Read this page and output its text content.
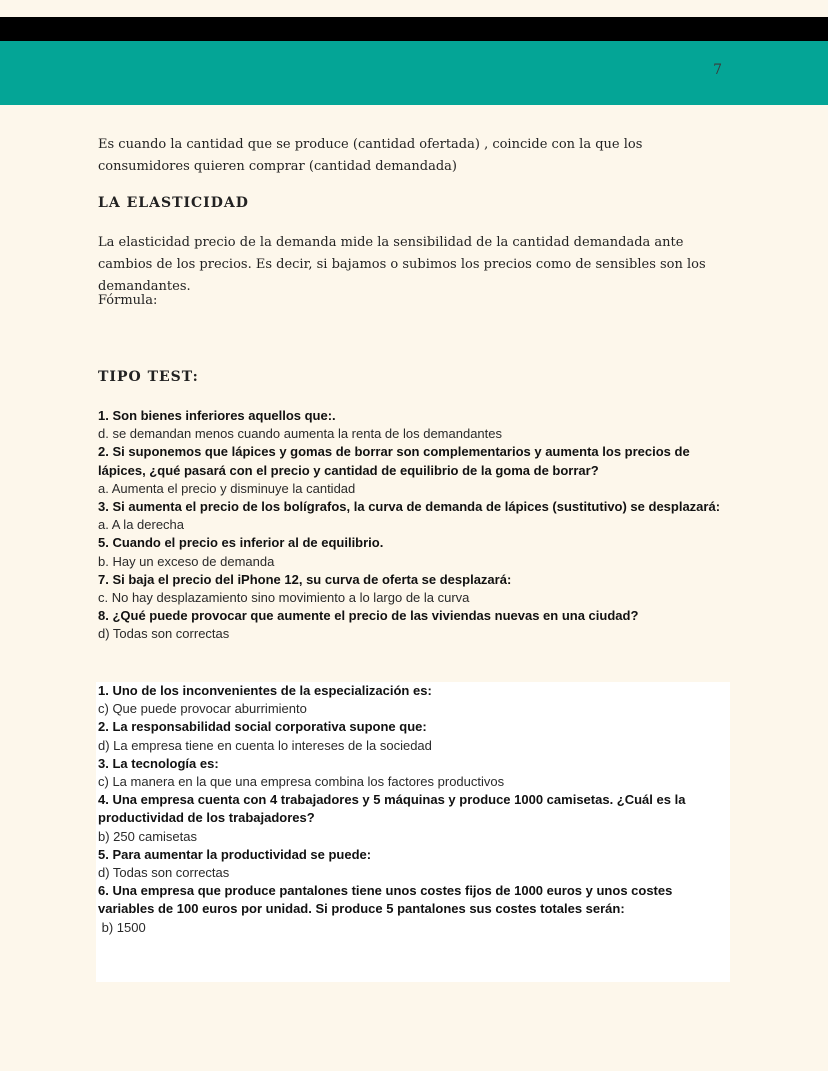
7

Es cuando la cantidad que se produce (cantidad ofertada) , coincide con la que los consumidores quieren comprar (cantidad demandada)

LA ELASTICIDAD

La elasticidad precio de la demanda mide la sensibilidad de la cantidad demandada ante cambios de los precios. Es decir, si bajamos o subimos los precios como de sensibles son los demandantes.

Fórmula:

TIPO TEST:
1. Son bienes inferiores aquellos que:.
d. se demandan menos cuando aumenta la renta de los demandantes
2. Si suponemos que lápices y gomas de borrar son complementarios y aumenta los precios de lápices, ¿qué pasará con el precio y cantidad de equilibrio de la goma de borrar?
a. Aumenta el precio y disminuye la cantidad
3. Si aumenta el precio de los bolígrafos, la curva de demanda de lápices (sustitutivo) se desplazará:
a. A la derecha
5. Cuando el precio es inferior al de equilibrio.
b. Hay un exceso de demanda
7. Si baja el precio del iPhone 12, su curva de oferta se desplazará:
c. No hay desplazamiento sino movimiento a lo largo de la curva
8. ¿Qué puede provocar que aumente el precio de las viviendas nuevas en una ciudad?
d) Todas son correctas
1. Uno de los inconvenientes de la especialización es:
c) Que puede provocar aburrimiento
2. La responsabilidad social corporativa supone que:
d) La empresa tiene en cuenta lo intereses de la sociedad
3. La tecnología es:
c) La manera en la que una empresa combina los factores productivos
4. Una empresa cuenta con 4 trabajadores y 5 máquinas y produce 1000 camisetas. ¿Cuál es la productividad de los trabajadores?
b) 250 camisetas
5. Para aumentar la productividad se puede:
d) Todas son correctas
6. Una empresa que produce pantalones tiene unos costes fijos de 1000 euros y unos costes variables de 100 euros por unidad. Si produce 5 pantalones sus costes totales serán:
b) 1500
